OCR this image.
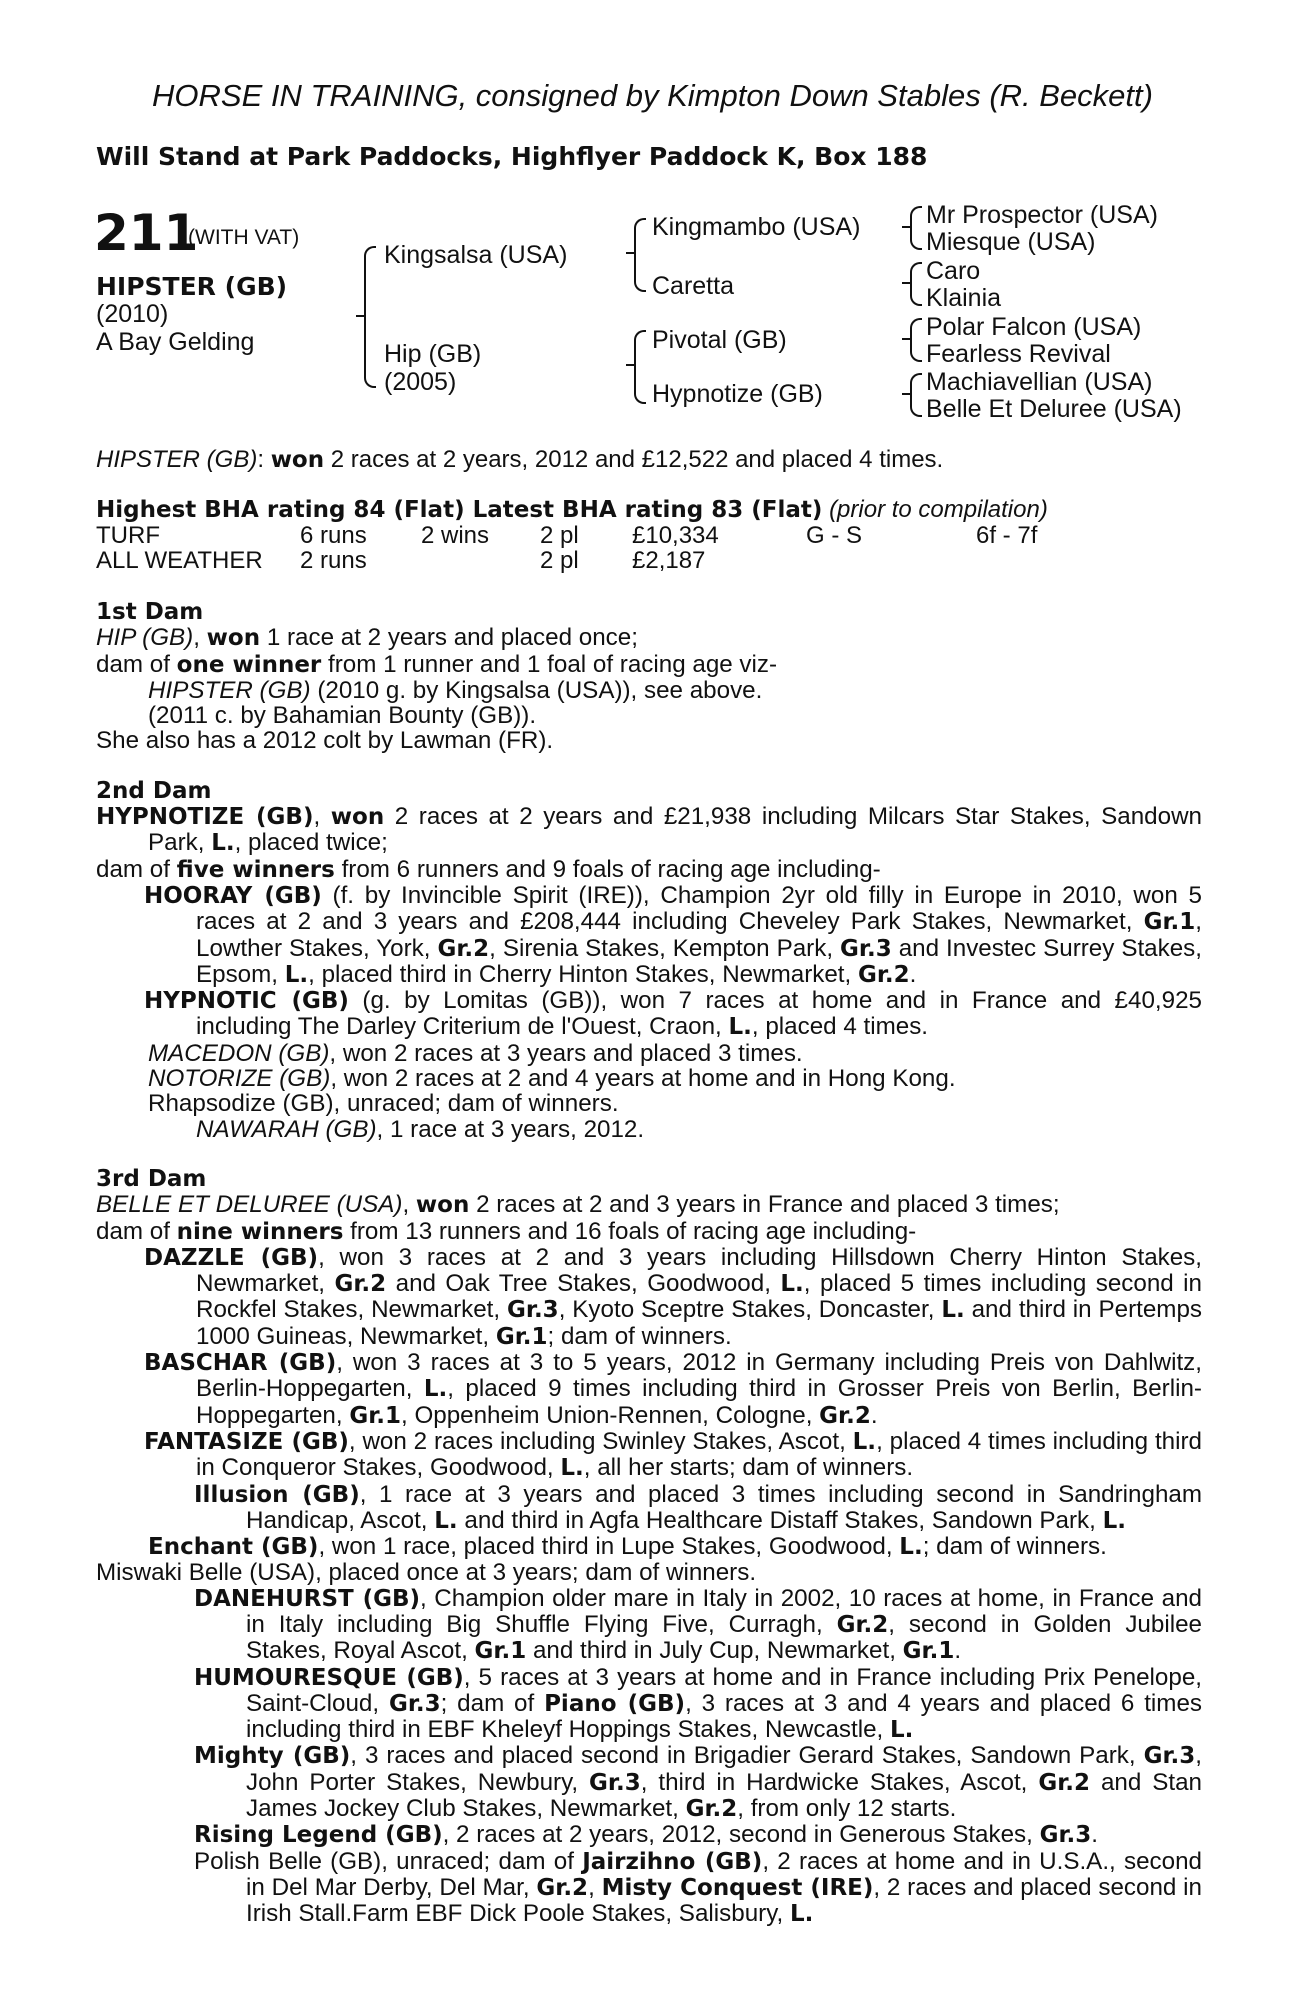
HORSE IN TRAINING, consigned by Kimpton Down Stables (R. Beckett)
Will Stand at Park Paddocks, Highflyer Paddock K, Box 188
211
(WITH VAT)
HIPSTER (GB)
(2010)
A Bay Gelding
Kingsalsa (USA)
Hip (GB)
(2005)
Kingmambo (USA)
Caretta
Pivotal (GB)
Hypnotize (GB)
Mr Prospector (USA)
Miesque (USA)
Caro
Klainia
Polar Falcon (USA)
Fearless Revival
Machiavellian (USA)
Belle Et Deluree (USA)
HIPSTER (GB): won 2 races at 2 years, 2012 and £12,522 and placed 4 times.
Highest BHA rating 84 (Flat) Latest BHA rating 83 (Flat) (prior to compilation)
TURF	6 runs 2 wins 2 pl £10,334	G - S	6f - 7f
ALL WEATHER 2 runs	2 pl £2,187
1st Dam
HIP (GB), won 1 race at 2 years and placed once;
dam of one winner from 1 runner and 1 foal of racing age viz-
HIPSTER (GB) (2010 g. by Kingsalsa (USA)), see above.
(2011 c. by Bahamian Bounty (GB)).
She also has a 2012 colt by Lawman (FR).
2nd Dam
HYPNOTIZE (GB), won 2 races at 2 years and £21,938 including Milcars Star Stakes, Sandown Park, L., placed twice;
dam of five winners from 6 runners and 9 foals of racing age including-
HOORAY (GB) (f. by Invincible Spirit (IRE)), Champion 2yr old filly in Europe in 2010, won 5 races at 2 and 3 years and £208,444 including Cheveley Park Stakes, Newmarket, Gr.1, Lowther Stakes, York, Gr.2, Sirenia Stakes, Kempton Park, Gr.3 and Investec Surrey Stakes, Epsom, L., placed third in Cherry Hinton Stakes, Newmarket, Gr.2.
HYPNOTIC (GB) (g. by Lomitas (GB)), won 7 races at home and in France and £40,925 including The Darley Criterium de l'Ouest, Craon, L., placed 4 times.
MACEDON (GB), won 2 races at 3 years and placed 3 times.
NOTORIZE (GB), won 2 races at 2 and 4 years at home and in Hong Kong.
Rhapsodize (GB), unraced; dam of winners.
NAWARAH (GB), 1 race at 3 years, 2012.
3rd Dam
BELLE ET DELUREE (USA), won 2 races at 2 and 3 years in France and placed 3 times;
dam of nine winners from 13 runners and 16 foals of racing age including-
DAZZLE (GB), won 3 races at 2 and 3 years including Hillsdown Cherry Hinton Stakes, Newmarket, Gr.2 and Oak Tree Stakes, Goodwood, L., placed 5 times including second in Rockfel Stakes, Newmarket, Gr.3, Kyoto Sceptre Stakes, Doncaster, L. and third in Pertemps 1000 Guineas, Newmarket, Gr.1; dam of winners.
BASCHAR (GB), won 3 races at 3 to 5 years, 2012 in Germany including Preis von Dahlwitz, Berlin-Hoppegarten, L., placed 9 times including third in Grosser Preis von Berlin, Berlin-Hoppegarten, Gr.1, Oppenheim Union-Rennen, Cologne, Gr.2.
FANTASIZE (GB), won 2 races including Swinley Stakes, Ascot, L., placed 4 times including third in Conqueror Stakes, Goodwood, L., all her starts; dam of winners.
Illusion (GB), 1 race at 3 years and placed 3 times including second in Sandringham Handicap, Ascot, L. and third in Agfa Healthcare Distaff Stakes, Sandown Park, L.
Enchant (GB), won 1 race, placed third in Lupe Stakes, Goodwood, L.; dam of winners.
Miswaki Belle (USA), placed once at 3 years; dam of winners.
DANEHURST (GB), Champion older mare in Italy in 2002, 10 races at home, in France and in Italy including Big Shuffle Flying Five, Curragh, Gr.2, second in Golden Jubilee Stakes, Royal Ascot, Gr.1 and third in July Cup, Newmarket, Gr.1.
HUMOURESQUE (GB), 5 races at 3 years at home and in France including Prix Penelope, Saint-Cloud, Gr.3; dam of Piano (GB), 3 races at 3 and 4 years and placed 6 times including third in EBF Kheleyf Hoppings Stakes, Newcastle, L.
Mighty (GB), 3 races and placed second in Brigadier Gerard Stakes, Sandown Park, Gr.3, John Porter Stakes, Newbury, Gr.3, third in Hardwicke Stakes, Ascot, Gr.2 and Stan James Jockey Club Stakes, Newmarket, Gr.2, from only 12 starts.
Rising Legend (GB), 2 races at 2 years, 2012, second in Generous Stakes, Gr.3.
Polish Belle (GB), unraced; dam of Jairzihno (GB), 2 races at home and in U.S.A., second in Del Mar Derby, Del Mar, Gr.2, Misty Conquest (IRE), 2 races and placed second in Irish Stall.Farm EBF Dick Poole Stakes, Salisbury, L.
